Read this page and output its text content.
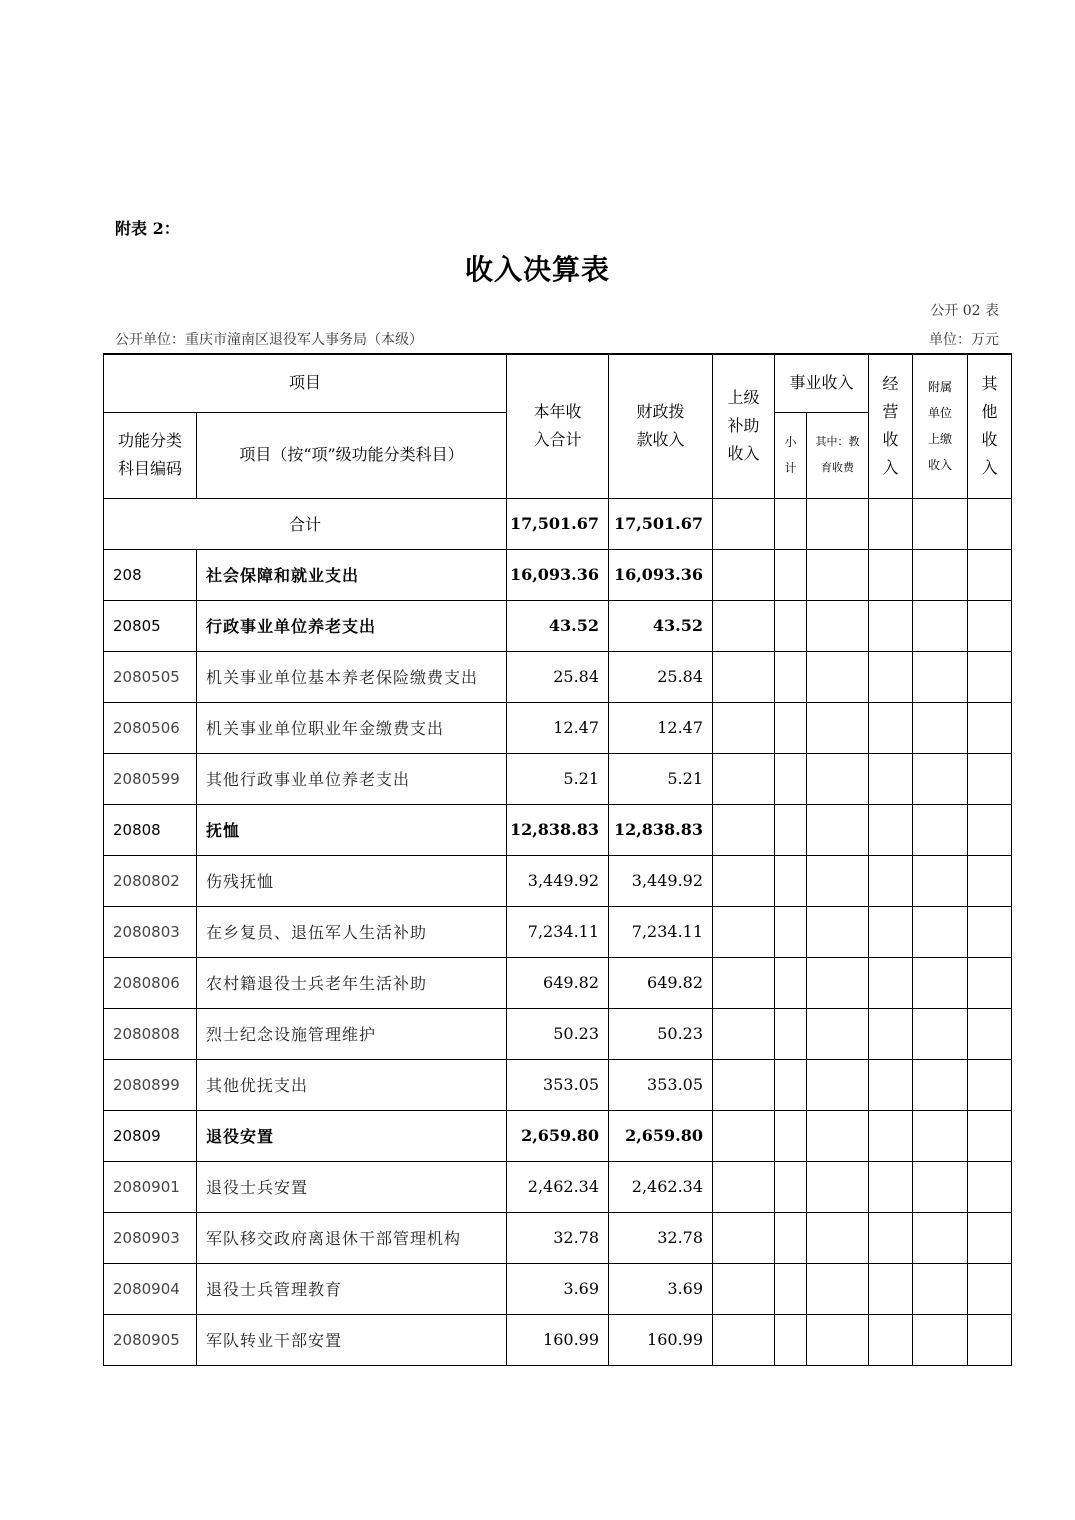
附表 2：
收入决算表
公开 02 表
公开单位：重庆市潼南区退役军人事务局（本级）	单位：万元
项目		本年收入合计	财政拨款收入	上级补助收入	事业收入		经营收入	附属单位上缴收入	其他收入
功能分类科目编码	项目（按“项”级功能分类科目）				小计	其中：教育收费			
合计		17,501.67	17,501.67						
208	社会保障和就业支出	16,093.36	16,093.36						
20805	行政事业单位养老支出	43.52	43.52						
2080505	机关事业单位基本养老保险缴费支出	25.84	25.84						
2080506	机关事业单位职业年金缴费支出	12.47	12.47						
2080599	其他行政事业单位养老支出	5.21	5.21						
20808	抚恤	12,838.83	12,838.83						
2080802	伤残抚恤	3,449.92	3,449.92						
2080803	在乡复员、退伍军人生活补助	7,234.11	7,234.11						
2080806	农村籍退役士兵老年生活补助	649.82	649.82						
2080808	烈士纪念设施管理维护	50.23	50.23						
2080899	其他优抚支出	353.05	353.05						
20809	退役安置	2,659.80	2,659.80						
2080901	退役士兵安置	2,462.34	2,462.34						
2080903	军队移交政府离退休干部管理机构	32.78	32.78						
2080904	退役士兵管理教育	3.69	3.69						
2080905	军队转业干部安置	160.99	160.99						
